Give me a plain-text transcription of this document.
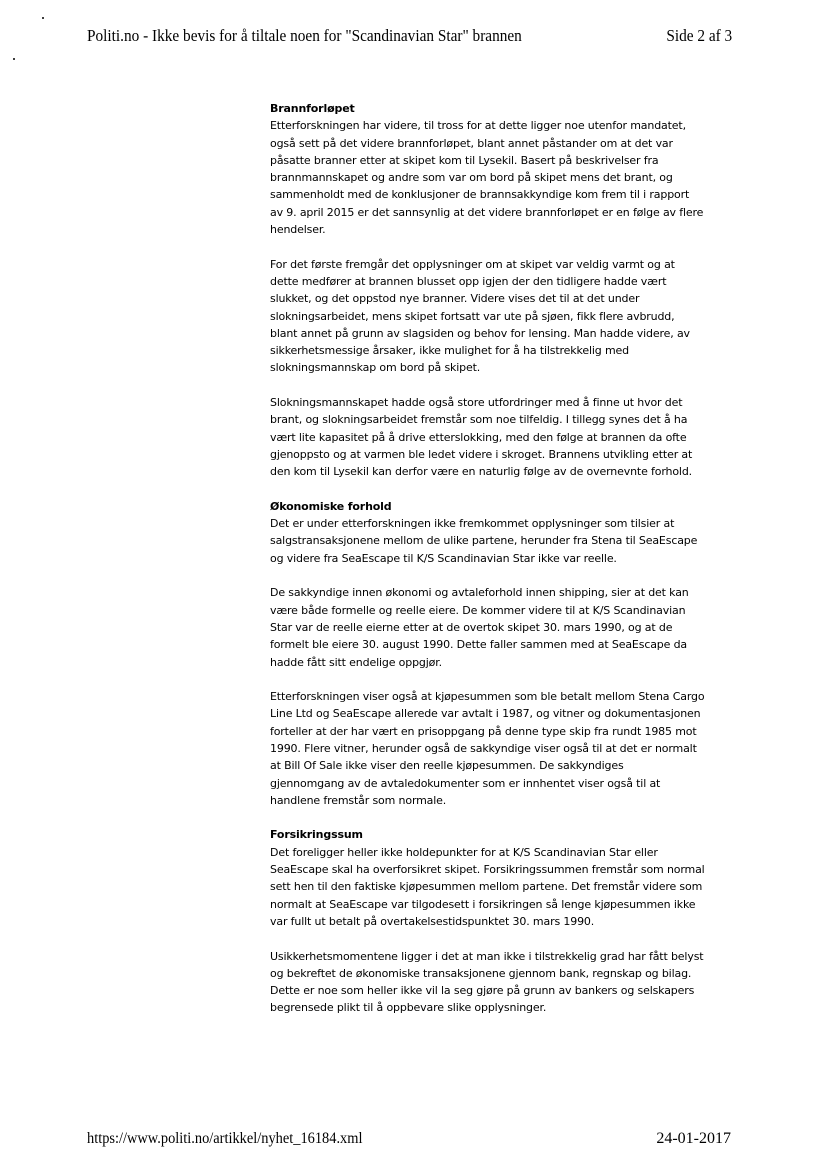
Politi.no - Ikke bevis for å tiltale noen for "Scandinavian Star" brannen	Side 2 af 3
Brannforløpet
Etterforskningen har videre, til tross for at dette ligger noe utenfor mandatet,
også sett på det videre brannforløpet, blant annet påstander om at det var
påsatte branner etter at skipet kom til Lysekil. Basert på beskrivelser fra
brannmannskapet og andre som var om bord på skipet mens det brant, og
sammenholdt med de konklusjoner de brannsakkyndige kom frem til i rapport
av 9. april 2015 er det sannsynlig at det videre brannforløpet er en følge av flere
hendelser.
For det første fremgår det opplysninger om at skipet var veldig varmt og at
dette medfører at brannen blusset opp igjen der den tidligere hadde vært
slukket, og det oppstod nye branner. Videre vises det til at det under
slokningsarbeidet, mens skipet fortsatt var ute på sjøen, fikk flere avbrudd,
blant annet på grunn av slagsiden og behov for lensing. Man hadde videre, av
sikkerhetsmessige årsaker, ikke mulighet for å ha tilstrekkelig med
slokningsmannskap om bord på skipet.
Slokningsmannskapet hadde også store utfordringer med å finne ut hvor det
brant, og slokningsarbeidet fremstår som noe tilfeldig. I tillegg synes det å ha
vært lite kapasitet på å drive etterslokking, med den følge at brannen da ofte
gjenoppsto og at varmen ble ledet videre i skroget. Brannens utvikling etter at
den kom til Lysekil kan derfor være en naturlig følge av de overnevnte forhold.
Økonomiske forhold
Det er under etterforskningen ikke fremkommet opplysninger som tilsier at
salgstransaksjonene mellom de ulike partene, herunder fra Stena til SeaEscape
og videre fra SeaEscape til K/S Scandinavian Star ikke var reelle.
De sakkyndige innen økonomi og avtaleforhold innen shipping, sier at det kan
være både formelle og reelle eiere. De kommer videre til at K/S Scandinavian
Star var de reelle eierne etter at de overtok skipet 30. mars 1990, og at de
formelt ble eiere 30. august 1990. Dette faller sammen med at SeaEscape da
hadde fått sitt endelige oppgjør.
Etterforskningen viser også at kjøpesummen som ble betalt mellom Stena Cargo
Line Ltd og SeaEscape allerede var avtalt i 1987, og vitner og dokumentasjonen
forteller at der har vært en prisoppgang på denne type skip fra rundt 1985 mot
1990. Flere vitner, herunder også de sakkyndige viser også til at det er normalt
at Bill Of Sale ikke viser den reelle kjøpesummen. De sakkyndiges
gjennomgang av de avtaledokumenter som er innhentet viser også til at
handlene fremstår som normale.
Forsikringssum
Det foreligger heller ikke holdepunkter for at K/S Scandinavian Star eller
SeaEscape skal ha overforsikret skipet. Forsikringssummen fremstår som normal
sett hen til den faktiske kjøpesummen mellom partene. Det fremstår videre som
normalt at SeaEscape var tilgodesett i forsikringen så lenge kjøpesummen ikke
var fullt ut betalt på overtakelsestidspunktet 30. mars 1990.
Usikkerhetsmomentene ligger i det at man ikke i tilstrekkelig grad har fått belyst
og bekreftet de økonomiske transaksjonene gjennom bank, regnskap og bilag.
Dette er noe som heller ikke vil la seg gjøre på grunn av bankers og selskapers
begrensede plikt til å oppbevare slike opplysninger.
https://www.politi.no/artikkel/nyhet_16184.xml	24-01-2017
